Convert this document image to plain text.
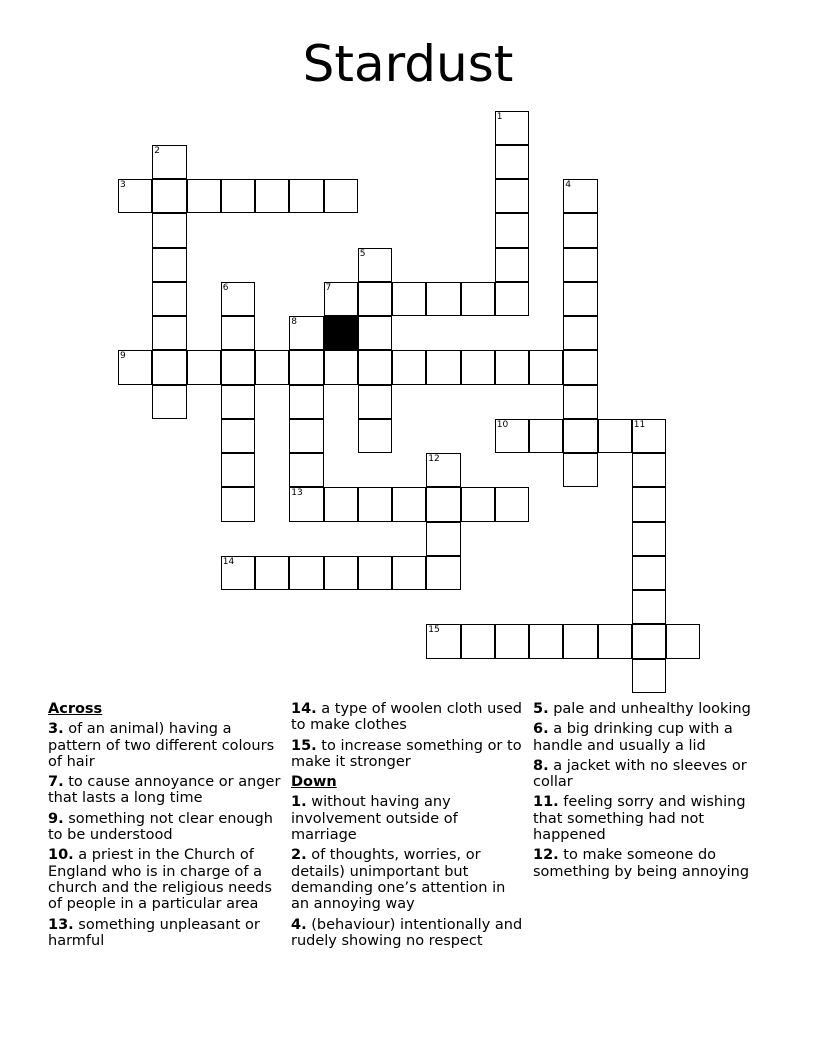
Stardust
3
7
9
10	11
13
14
15
1
2
4
5
6
8
12
Across

3. of an animal) having a pattern of two different colours of hair

7. to cause annoyance or anger that lasts a long time

9. something not clear enough to be understood

10. a priest in the Church of England who is in charge of a church and the religious needs of people in a particular area

13. something unpleasant or harmful

14. a type of woolen cloth used to make clothes

15. to increase something or to make it stronger

Down

1. without having any involvement outside of marriage

2. of thoughts, worries, or details) unimportant but demanding one’s attention in an annoying way

4. (behaviour) intentionally and rudely showing no respect

5. pale and unhealthy looking

6. a big drinking cup with a handle and usually a lid

8. a jacket with no sleeves or collar

11. feeling sorry and wishing that something had not happened

12. to make someone do something by being annoying
